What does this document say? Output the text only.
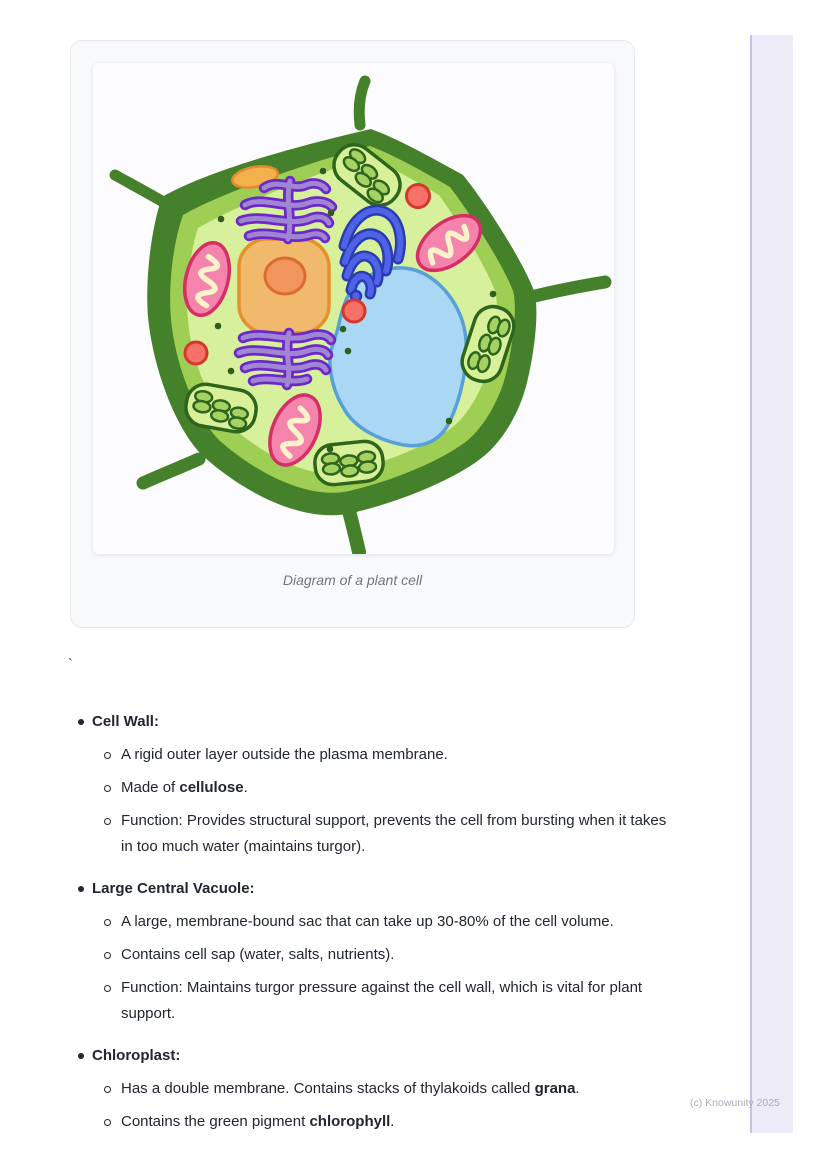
Diagram of a plant cell
`
Cell Wall:
A rigid outer layer outside the plasma membrane.
Made of cellulose.
Function: Provides structural support, prevents the cell from bursting when it takes in too much water (maintains turgor).
Large Central Vacuole:
A large, membrane-bound sac that can take up 30-80% of the cell volume.
Contains cell sap (water, salts, nutrients).
Function: Maintains turgor pressure against the cell wall, which is vital for plant support.
Chloroplast:
Has a double membrane. Contains stacks of thylakoids called grana.
Contains the green pigment chlorophyll.
(c) Knowunity 2025
